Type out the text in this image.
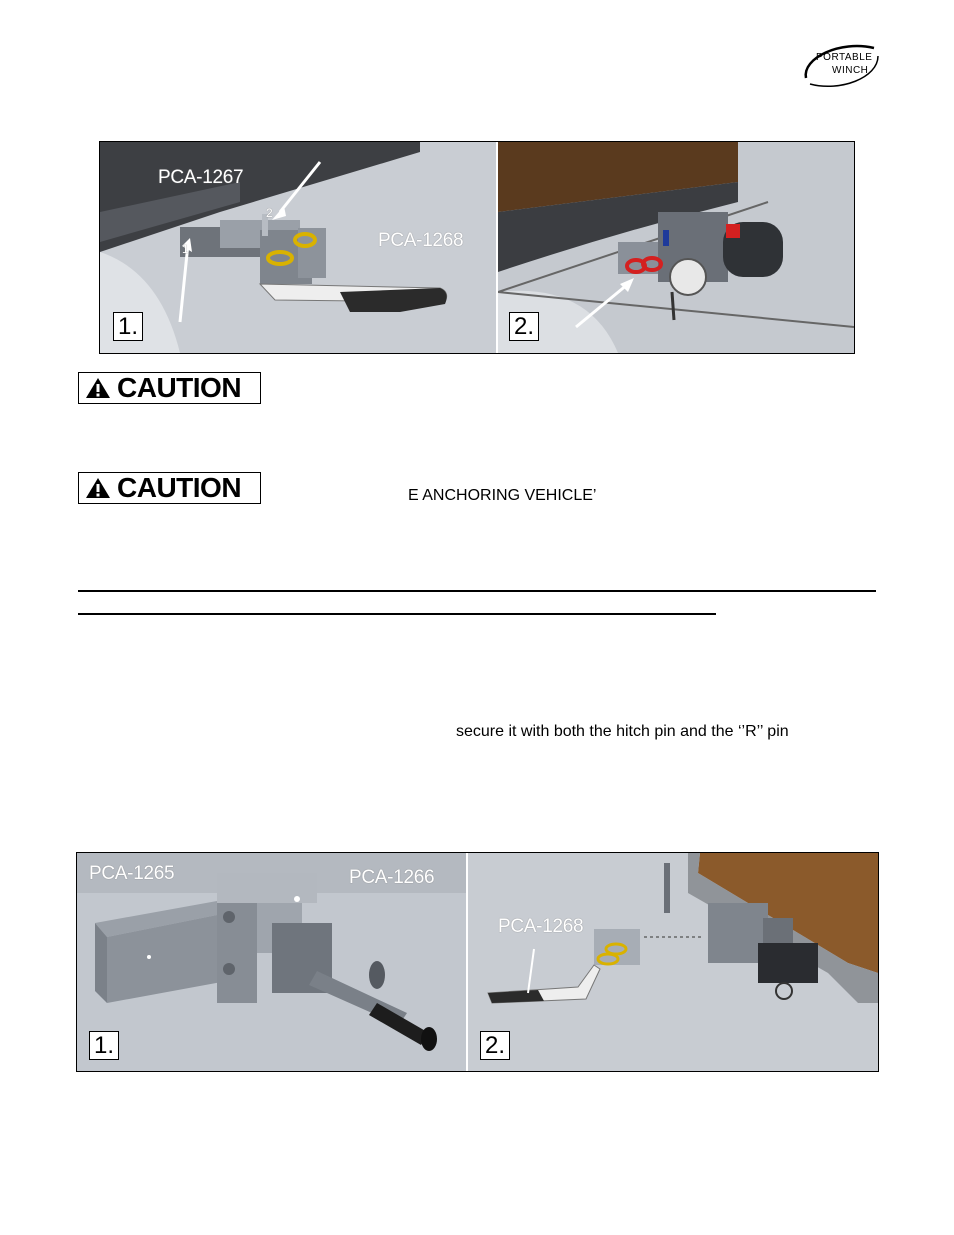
PORTABLE
WINCH
PCA-1267
PCA-1268
1
2
1.	2.
CAUTION
CAUTION	E ANCHORING VEHICLE’
secure it with both the hitch pin and the ‘’R’’ pin
PCA-1265	PCA-1266
1.
PCA-1268
2.
